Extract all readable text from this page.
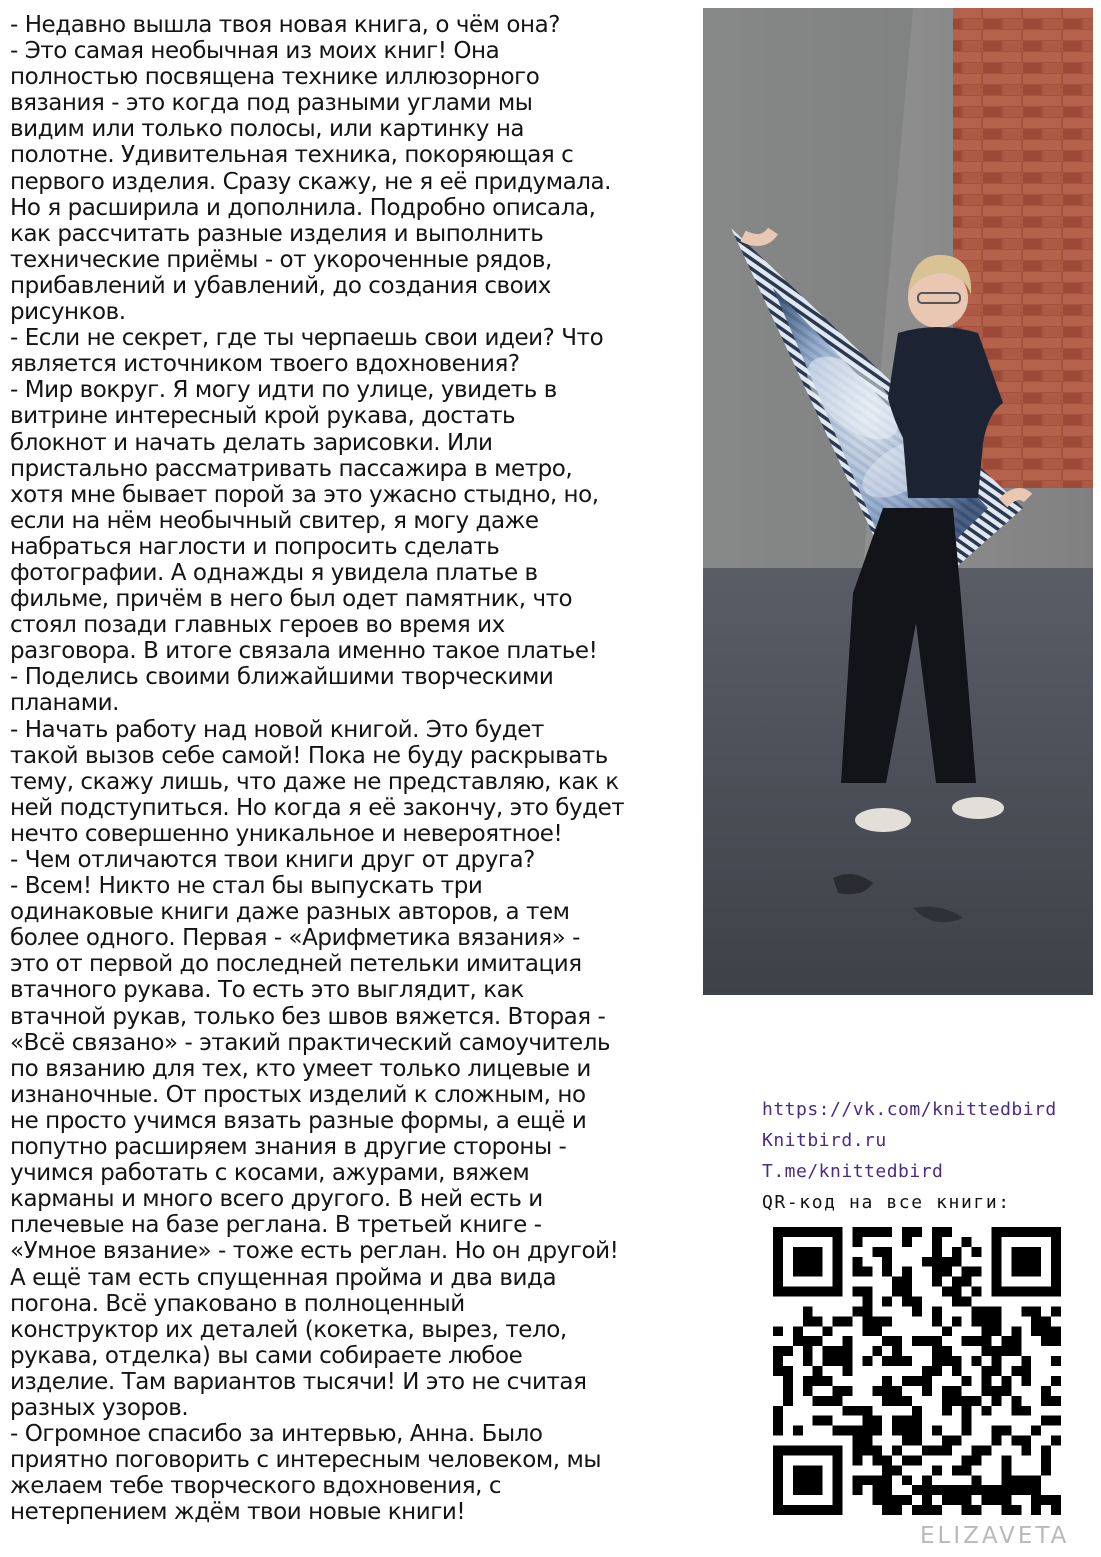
- Недавно вышла твоя новая книга, о чём она?
- Это самая необычная из моих книг! Она
полностью посвящена технике иллюзорного
вязания - это когда под разными углами мы
видим или только полосы, или картинку на
полотне. Удивительная техника, покоряющая с
первого изделия. Сразу скажу, не я её придумала.
Но я расширила и дополнила. Подробно описала,
как рассчитать разные изделия и выполнить
технические приёмы - от укороченные рядов,
прибавлений и убавлений, до создания своих
рисунков.
- Если не секрет, где ты черпаешь свои идеи? Что
является источником твоего вдохновения?
- Мир вокруг. Я могу идти по улице, увидеть в
витрине интересный крой рукава, достать
блокнот и начать делать зарисовки. Или
пристально рассматривать пассажира в метро,
хотя мне бывает порой за это ужасно стыдно, но,
если на нём необычный свитер, я могу даже
набраться наглости и попросить сделать
фотографии. А однажды я увидела платье в
фильме, причём в него был одет памятник, что
стоял позади главных героев во время их
разговора. В итоге связала именно такое платье!
- Поделись своими ближайшими творческими
планами.
- Начать работу над новой книгой. Это будет
такой вызов себе самой! Пока не буду раскрывать
тему, скажу лишь, что даже не представляю, как к
ней подступиться. Но когда я её закончу, это будет
нечто совершенно уникальное и невероятное!
- Чем отличаются твои книги друг от друга?
- Всем! Никто не стал бы выпускать три
одинаковые книги даже разных авторов, а тем
более одного. Первая - «Арифметика вязания» -
это от первой до последней петельки имитация
втачного рукава. То есть это выглядит, как
втачной рукав, только без швов вяжется. Вторая -
«Всё связано» - этакий практический самоучитель
по вязанию для тех, кто умеет только лицевые и
изнаночные. От простых изделий к сложным, но
не просто учимся вязать разные формы, а ещё и
попутно расширяем знания в другие стороны -
учимся работать с косами, ажурами, вяжем
карманы и много всего другого. В ней есть и
плечевые на базе реглана. В третьей книге -
«Умное вязание» - тоже есть реглан. Но он другой!
А ещё там есть спущенная пройма и два вида
погона. Всё упаковано в полноценный
конструктор их деталей (кокетка, вырез, тело,
рукава, отделка) вы сами собираете любое
изделие. Там вариантов тысячи! И это не считая
разных узоров.
- Огромное спасибо за интервью, Анна. Было
приятно поговорить с интересным человеком, мы
желаем тебе творческого вдохновения, с
нетерпением ждём твои новые книги!
https://vk.com/knittedbird
Knitbird.ru
T.me/knittedbird
QR-код на все книги:
ELIZAVETA
